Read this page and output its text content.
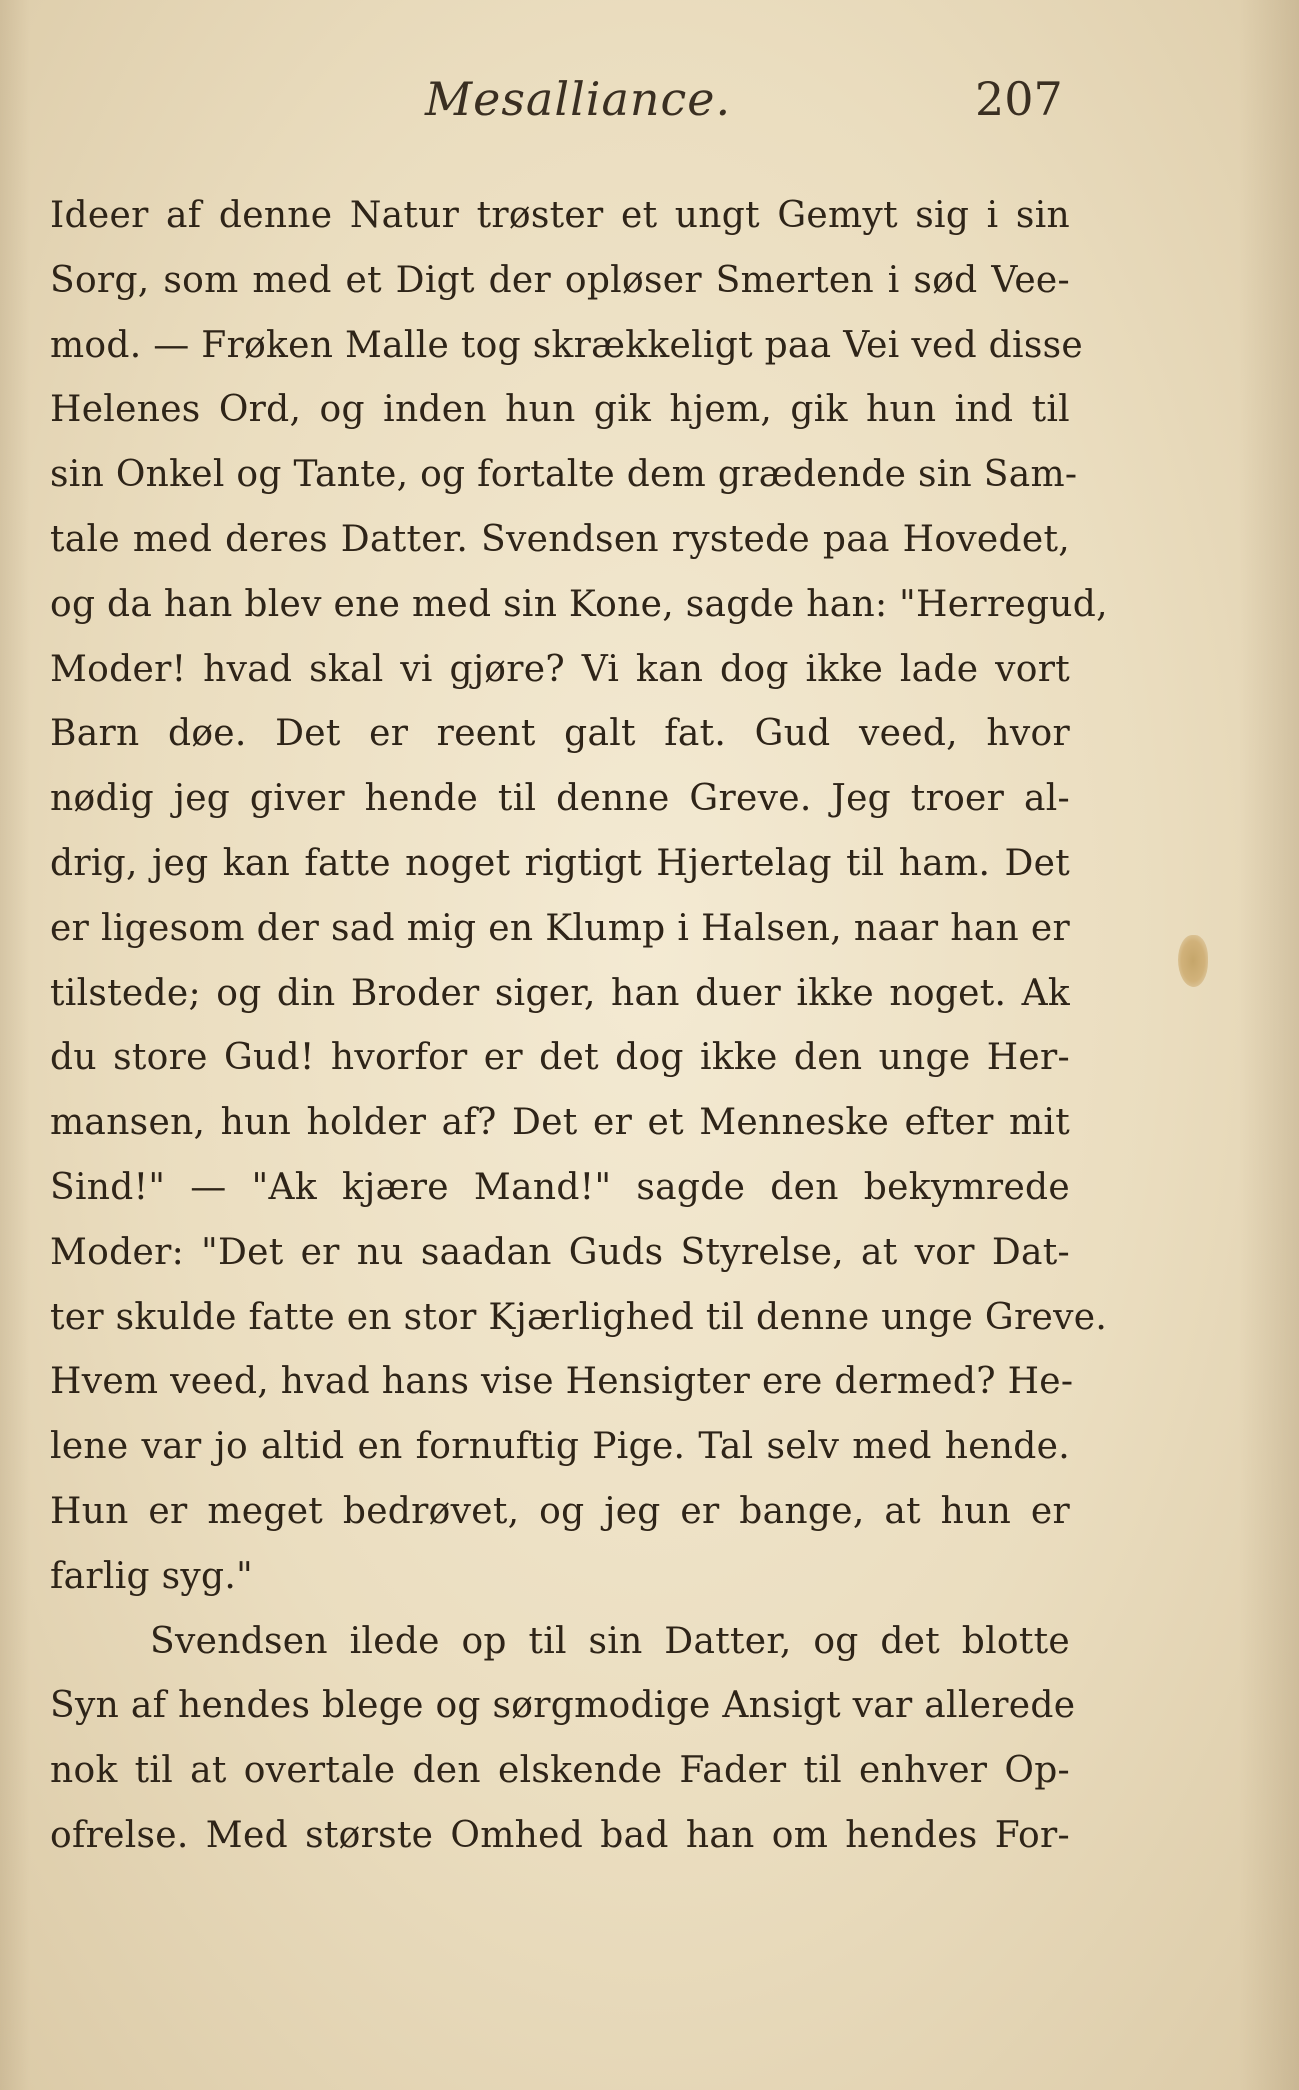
Mesalliance.	207
Ideer af denne Natur trøster et ungt Gemyt sig i sin
Sorg, som med et Digt der opløser Smerten i sød Vee-
mod. — Frøken Malle tog skrækkeligt paa Vei ved disse
Helenes Ord, og inden hun gik hjem, gik hun ind til
sin Onkel og Tante, og fortalte dem grædende sin Sam-
tale med deres Datter. Svendsen rystede paa Hovedet,
og da han blev ene med sin Kone, sagde han: "Herregud,
Moder! hvad skal vi gjøre? Vi kan dog ikke lade vort
Barn døe. Det er reent galt fat. Gud veed, hvor
nødig jeg giver hende til denne Greve. Jeg troer al-
drig, jeg kan fatte noget rigtigt Hjertelag til ham. Det
er ligesom der sad mig en Klump i Halsen, naar han er
tilstede; og din Broder siger, han duer ikke noget. Ak
du store Gud! hvorfor er det dog ikke den unge Her-
mansen, hun holder af? Det er et Menneske efter mit
Sind!" — "Ak kjære Mand!" sagde den bekymrede
Moder: "Det er nu saadan Guds Styrelse, at vor Dat-
ter skulde fatte en stor Kjærlighed til denne unge Greve.
Hvem veed, hvad hans vise Hensigter ere dermed? He-
lene var jo altid en fornuftig Pige. Tal selv med hende.
Hun er meget bedrøvet, og jeg er bange, at hun er
farlig syg."
Svendsen ilede op til sin Datter, og det blotte
Syn af hendes blege og sørgmodige Ansigt var allerede
nok til at overtale den elskende Fader til enhver Op-
ofrelse. Med største Omhed bad han om hendes For-
